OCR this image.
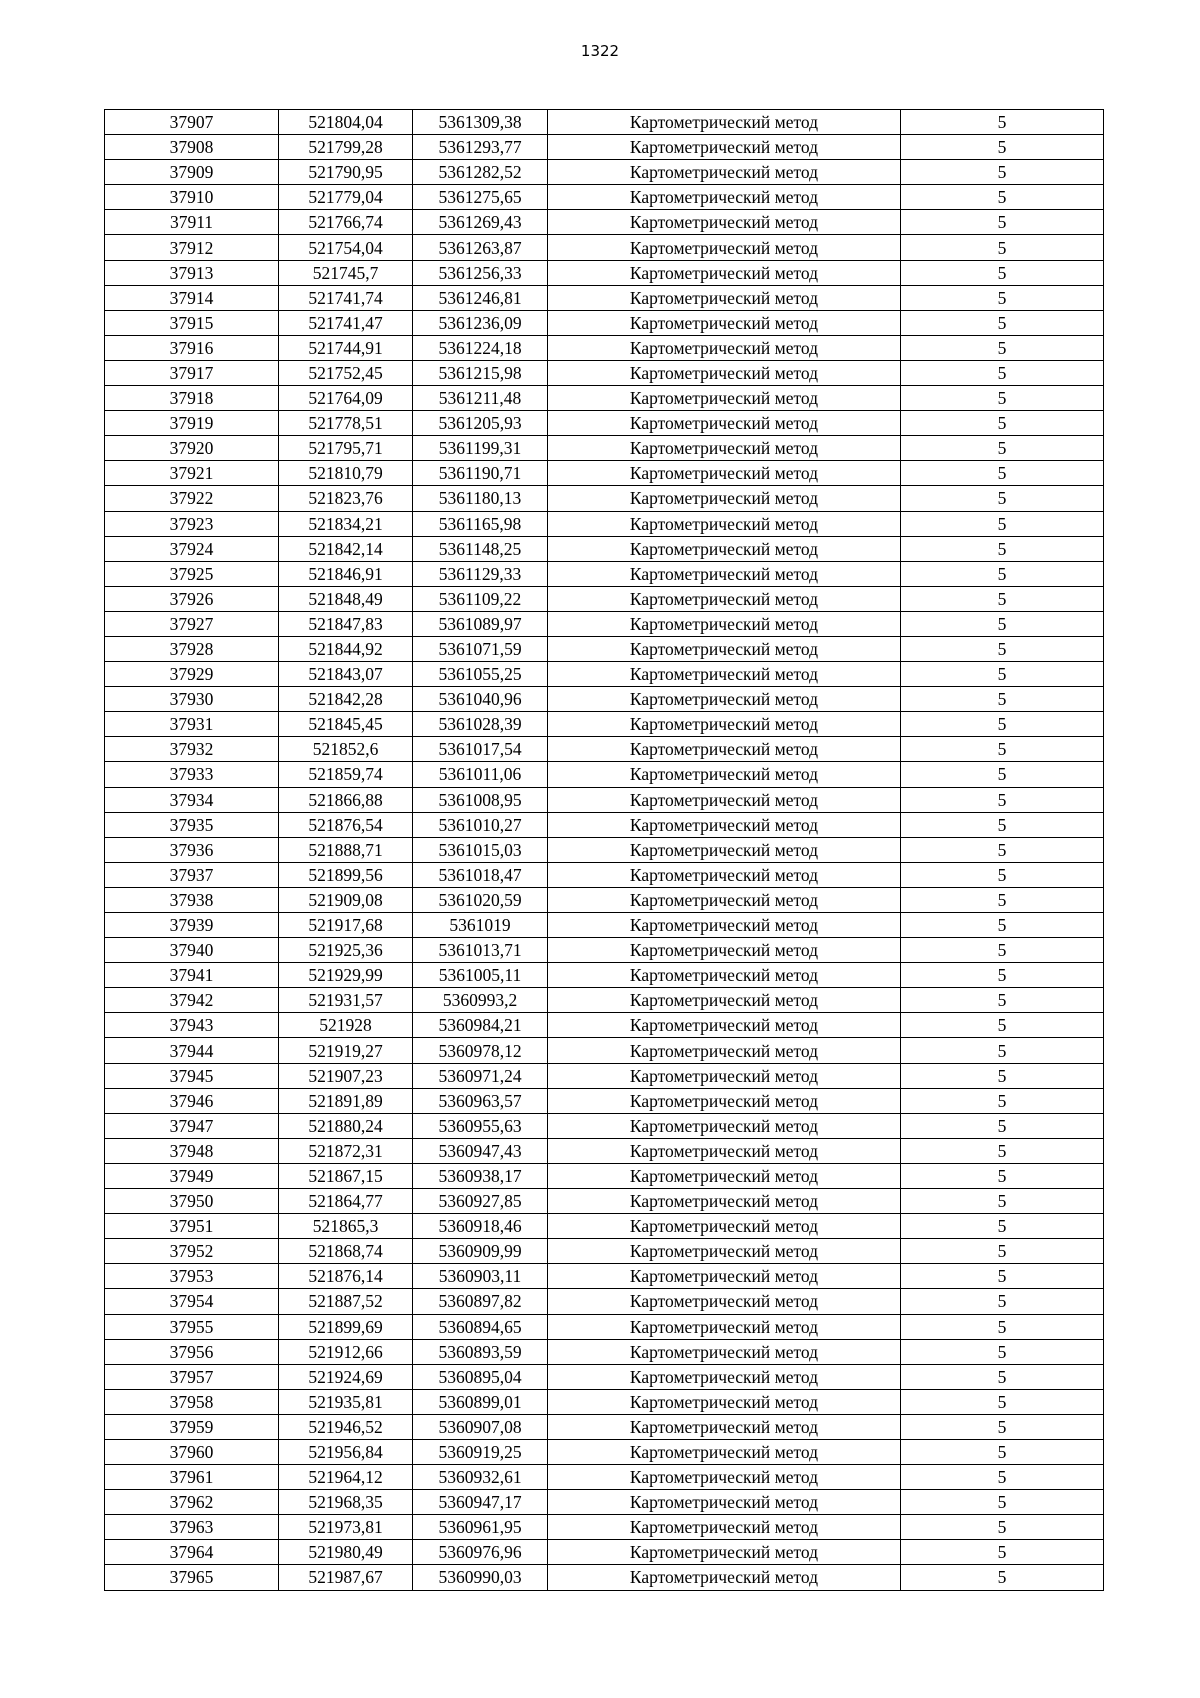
1322
37907	521804,04	5361309,38	Картометрический метод	5
37908	521799,28	5361293,77	Картометрический метод	5
37909	521790,95	5361282,52	Картометрический метод	5
37910	521779,04	5361275,65	Картометрический метод	5
37911	521766,74	5361269,43	Картометрический метод	5
37912	521754,04	5361263,87	Картометрический метод	5
37913	521745,7	5361256,33	Картометрический метод	5
37914	521741,74	5361246,81	Картометрический метод	5
37915	521741,47	5361236,09	Картометрический метод	5
37916	521744,91	5361224,18	Картометрический метод	5
37917	521752,45	5361215,98	Картометрический метод	5
37918	521764,09	5361211,48	Картометрический метод	5
37919	521778,51	5361205,93	Картометрический метод	5
37920	521795,71	5361199,31	Картометрический метод	5
37921	521810,79	5361190,71	Картометрический метод	5
37922	521823,76	5361180,13	Картометрический метод	5
37923	521834,21	5361165,98	Картометрический метод	5
37924	521842,14	5361148,25	Картометрический метод	5
37925	521846,91	5361129,33	Картометрический метод	5
37926	521848,49	5361109,22	Картометрический метод	5
37927	521847,83	5361089,97	Картометрический метод	5
37928	521844,92	5361071,59	Картометрический метод	5
37929	521843,07	5361055,25	Картометрический метод	5
37930	521842,28	5361040,96	Картометрический метод	5
37931	521845,45	5361028,39	Картометрический метод	5
37932	521852,6	5361017,54	Картометрический метод	5
37933	521859,74	5361011,06	Картометрический метод	5
37934	521866,88	5361008,95	Картометрический метод	5
37935	521876,54	5361010,27	Картометрический метод	5
37936	521888,71	5361015,03	Картометрический метод	5
37937	521899,56	5361018,47	Картометрический метод	5
37938	521909,08	5361020,59	Картометрический метод	5
37939	521917,68	5361019	Картометрический метод	5
37940	521925,36	5361013,71	Картометрический метод	5
37941	521929,99	5361005,11	Картометрический метод	5
37942	521931,57	5360993,2	Картометрический метод	5
37943	521928	5360984,21	Картометрический метод	5
37944	521919,27	5360978,12	Картометрический метод	5
37945	521907,23	5360971,24	Картометрический метод	5
37946	521891,89	5360963,57	Картометрический метод	5
37947	521880,24	5360955,63	Картометрический метод	5
37948	521872,31	5360947,43	Картометрический метод	5
37949	521867,15	5360938,17	Картометрический метод	5
37950	521864,77	5360927,85	Картометрический метод	5
37951	521865,3	5360918,46	Картометрический метод	5
37952	521868,74	5360909,99	Картометрический метод	5
37953	521876,14	5360903,11	Картометрический метод	5
37954	521887,52	5360897,82	Картометрический метод	5
37955	521899,69	5360894,65	Картометрический метод	5
37956	521912,66	5360893,59	Картометрический метод	5
37957	521924,69	5360895,04	Картометрический метод	5
37958	521935,81	5360899,01	Картометрический метод	5
37959	521946,52	5360907,08	Картометрический метод	5
37960	521956,84	5360919,25	Картометрический метод	5
37961	521964,12	5360932,61	Картометрический метод	5
37962	521968,35	5360947,17	Картометрический метод	5
37963	521973,81	5360961,95	Картометрический метод	5
37964	521980,49	5360976,96	Картометрический метод	5
37965	521987,67	5360990,03	Картометрический метод	5
